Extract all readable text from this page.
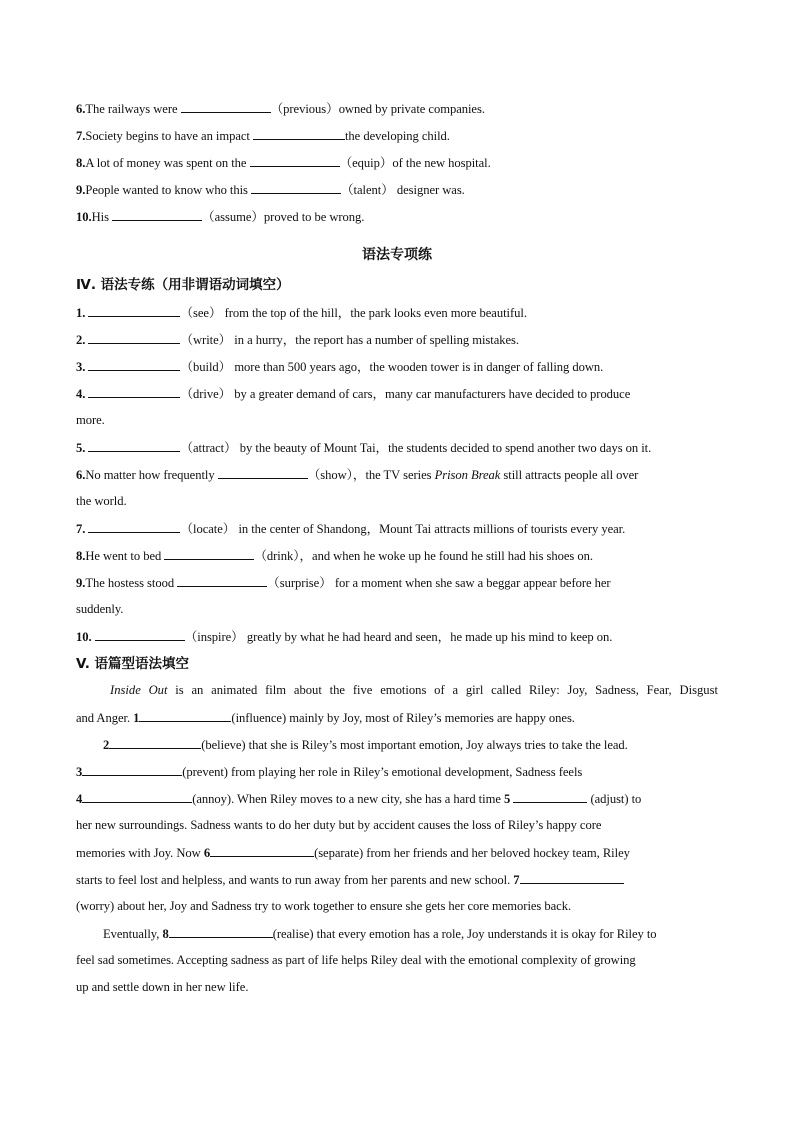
6.The railways were	（previous）owned by private companies.
7.Society begins to have an impact	the developing child.
8.A lot of money was spent on the	（equip）of the new hospital.
9.People wanted to know who this	（talent） designer was.
10.His	（assume）proved to be wrong.
语法专项练
Ⅳ. 语法专练（用非谓语动词填空）
1.	（see） from the top of the hill，the park looks even more beautiful.
2.	（write） in a hurry，the report has a number of spelling mistakes.
3.	（build） more than 500 years ago，the wooden tower is in danger of falling down.
4.	（drive） by a greater demand of cars，many car manufacturers have decided to produce
more.
5.	（attract） by the beauty of Mount Tai，the students decided to spend another two days on it.
6.No matter how frequently	（show），the TV series Prison Break still attracts people all over
the world.
7.	（locate） in the center of Shandong，Mount Tai attracts millions of tourists every year.
8.He went to bed	（drink），and when he woke up he found he still had his shoes on.
9.The hostess stood	（surprise） for a moment when she saw a beggar appear before her
suddenly.
10.	（inspire） greatly by what he had heard and seen，he made up his mind to keep on.
V. 语篇型语法填空
Inside Out is an animated film about the five emotions of a girl called Riley: Joy, Sadness, Fear, Disgust
and Anger. 1	(influence) mainly by Joy, most of Riley’s memories are happy ones.
2	(believe) that she is Riley’s most important emotion, Joy always tries to take the lead.
3	(prevent) from playing her role in Riley’s emotional development, Sadness feels
4	(annoy). When Riley moves to a new city, she has a hard time 5	(adjust) to
her new surroundings. Sadness wants to do her duty but by accident causes the loss of Riley’s happy core
memories with Joy. Now 6	(separate) from her friends and her beloved hockey team, Riley
starts to feel lost and helpless, and wants to run away from her parents and new school. 7
(worry) about her, Joy and Sadness try to work together to ensure she gets her core memories back.
Eventually, 8	(realise) that every emotion has a role, Joy understands it is okay for Riley to
feel sad sometimes. Accepting sadness as part of life helps Riley deal with the emotional complexity of growing
up and settle down in her new life.
